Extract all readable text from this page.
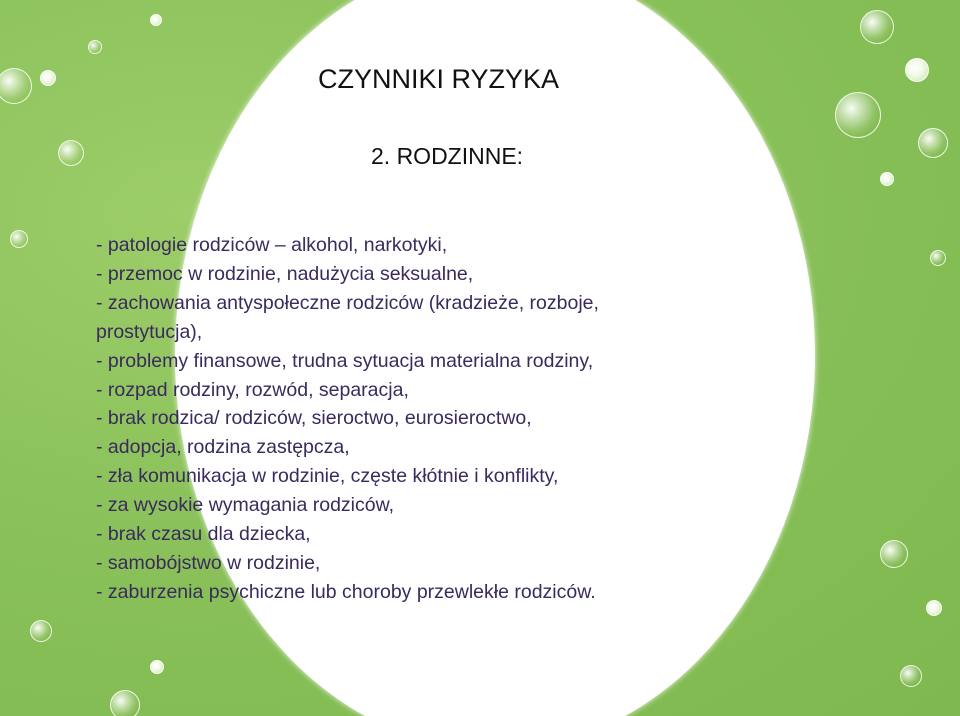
CZYNNIKI RYZYKA
2. RODZINNE:
- patologie rodziców – alkohol, narkotyki,
- przemoc w rodzinie, nadużycia seksualne,
- zachowania antyspołeczne rodziców (kradzieże, rozboje,
prostytucja),
- problemy finansowe, trudna sytuacja materialna rodziny,
- rozpad rodziny, rozwód, separacja,
- brak rodzica/ rodziców, sieroctwo, eurosieroctwo,
- adopcja, rodzina zastępcza,
- zła komunikacja w rodzinie, częste kłótnie i konflikty,
- za wysokie wymagania rodziców,
- brak czasu dla dziecka,
- samobójstwo w rodzinie,
- zaburzenia psychiczne lub choroby przewlekłe rodziców.
